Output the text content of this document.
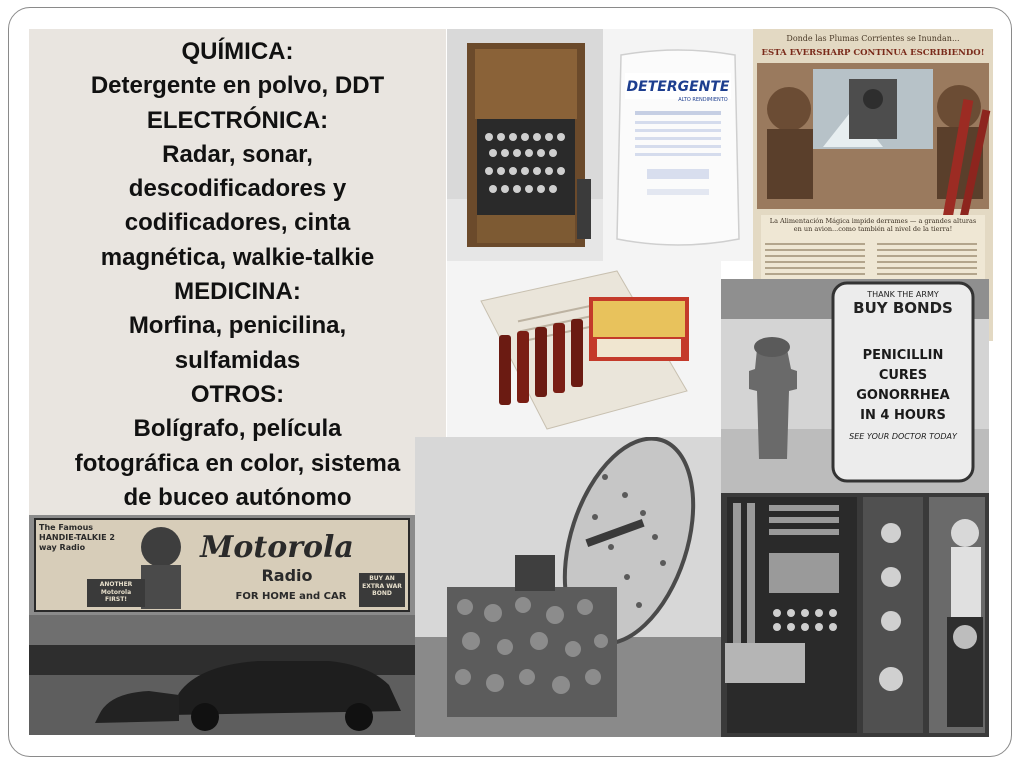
QUÍMICA:
Detergente en polvo, DDT
ELECTRÓNICA:
Radar, sonar,
descodificadores y
codificadores, cinta
magnética, walkie-talkie
MEDICINA:
Morfina, penicilina,
sulfamidas
OTROS:
Bolígrafo, película
fotográfica en color, sistema
de buceo autónomo
DETERGENTE
ALTO RENDIMIENTO
Donde las Plumas Corrientes se Inundan...
ESTA EVERSHARP CONTINUA ESCRIBIENDO!
La Alimentación Mágica impide derrames — a grandes alturas en un avion...como también al nivel de la tierra!
THANK THE ARMY
BUY BONDS
PENICILLIN
CURES
GONORRHEA
IN 4 HOURS
SEE YOUR DOCTOR TODAY
The Famous HANDIE-TALKIE 2 way Radio	Motorola
Radio
FOR HOME and CAR
ANOTHER Motorola FIRST!
BUY AN EXTRA WAR BOND
